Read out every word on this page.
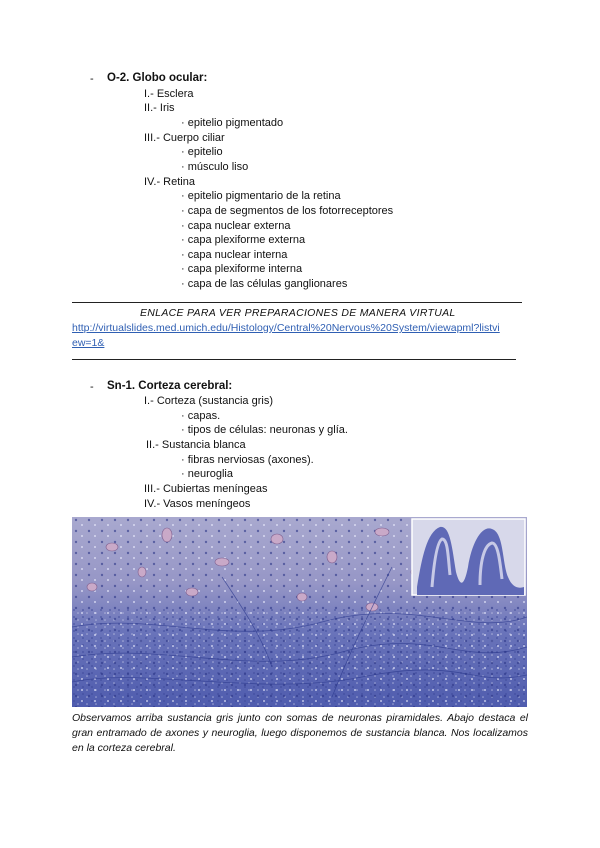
- O-2. Globo ocular:
I.- Esclera
II.- Iris
· epitelio pigmentado
III.- Cuerpo ciliar
· epitelio
· músculo liso
IV.- Retina
· epitelio pigmentario de la retina
· capa de segmentos de los fotorreceptores
· capa nuclear externa
· capa plexiforme externa
· capa nuclear interna
· capa plexiforme interna
· capa de las células ganglionares
ENLACE PARA VER PREPARACIONES DE MANERA VIRTUAL
http://virtualslides.med.umich.edu/Histology/Central%20Nervous%20System/viewapml?listvi
ew=1&
- Sn-1. Corteza cerebral:
I.- Corteza (sustancia gris)
· capas.
· tipos de células: neuronas y glía.
II.- Sustancia blanca
· fibras nerviosas (axones).
· neuroglia
III.- Cubiertas meníngeas
IV.- Vasos meníngeos
Observamos arriba sustancia gris junto con somas de neuronas piramidales. Abajo destaca el gran entramado de axones y neuroglia, luego disponemos de sustancia blanca. Nos localizamos en la corteza cerebral.
